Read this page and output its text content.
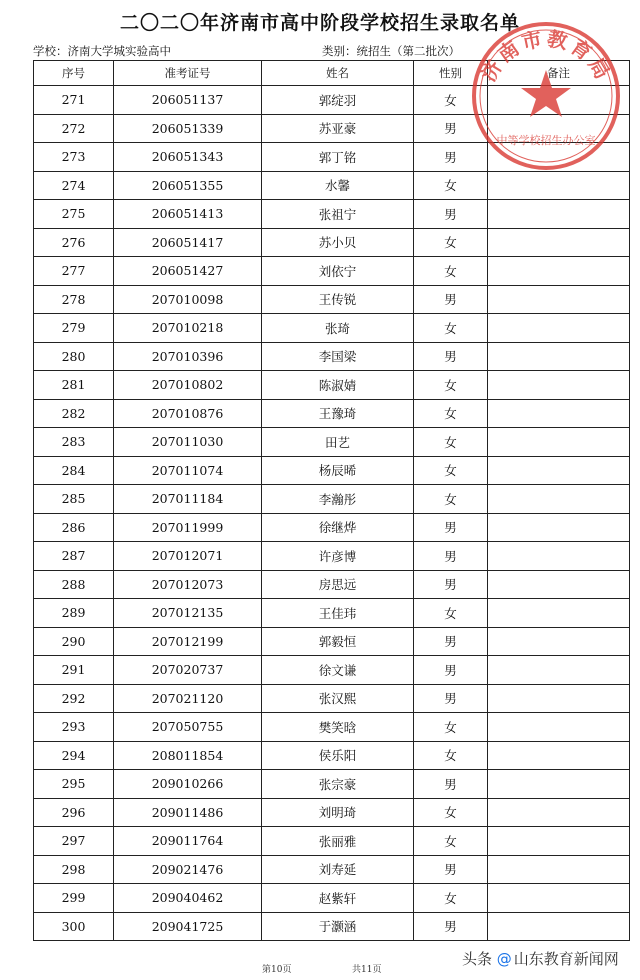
二〇二〇年济南市高中阶段学校招生录取名单
学校：济南大学城实验高中	类别：统招生（第二批次）
序号	准考证号	姓名	性别	备注
271	206051137	郭绽羽	女	
272	206051339	苏亚豪	男	
273	206051343	郭丁铭	男	
274	206051355	水馨	女	
275	206051413	张祖宁	男	
276	206051417	苏小贝	女	
277	206051427	刘依宁	女	
278	207010098	王传锐	男	
279	207010218	张琦	女	
280	207010396	李国梁	男	
281	207010802	陈淑婧	女	
282	207010876	王豫琦	女	
283	207011030	田艺	女	
284	207011074	杨辰晞	女	
285	207011184	李瀚彤	女	
286	207011999	徐继烨	男	
287	207012071	许彦博	男	
288	207012073	房思远	男	
289	207012135	王佳玮	女	
290	207012199	郭毅恒	男	
291	207020737	徐文谦	男	
292	207021120	张汉熙	男	
293	207050755	樊笑晗	女	
294	208011854	侯乐阳	女	
295	209010266	张宗豪	男	
296	209011486	刘明琦	女	
297	209011764	张丽雅	女	
298	209021476	刘寿延	男	
299	209040462	赵紫轩	女	
300	209041725	于灏涵	男	
第10页	共11页
济南市教育局
中等学校招生办公室
头条 @ 山东教育新闻网
